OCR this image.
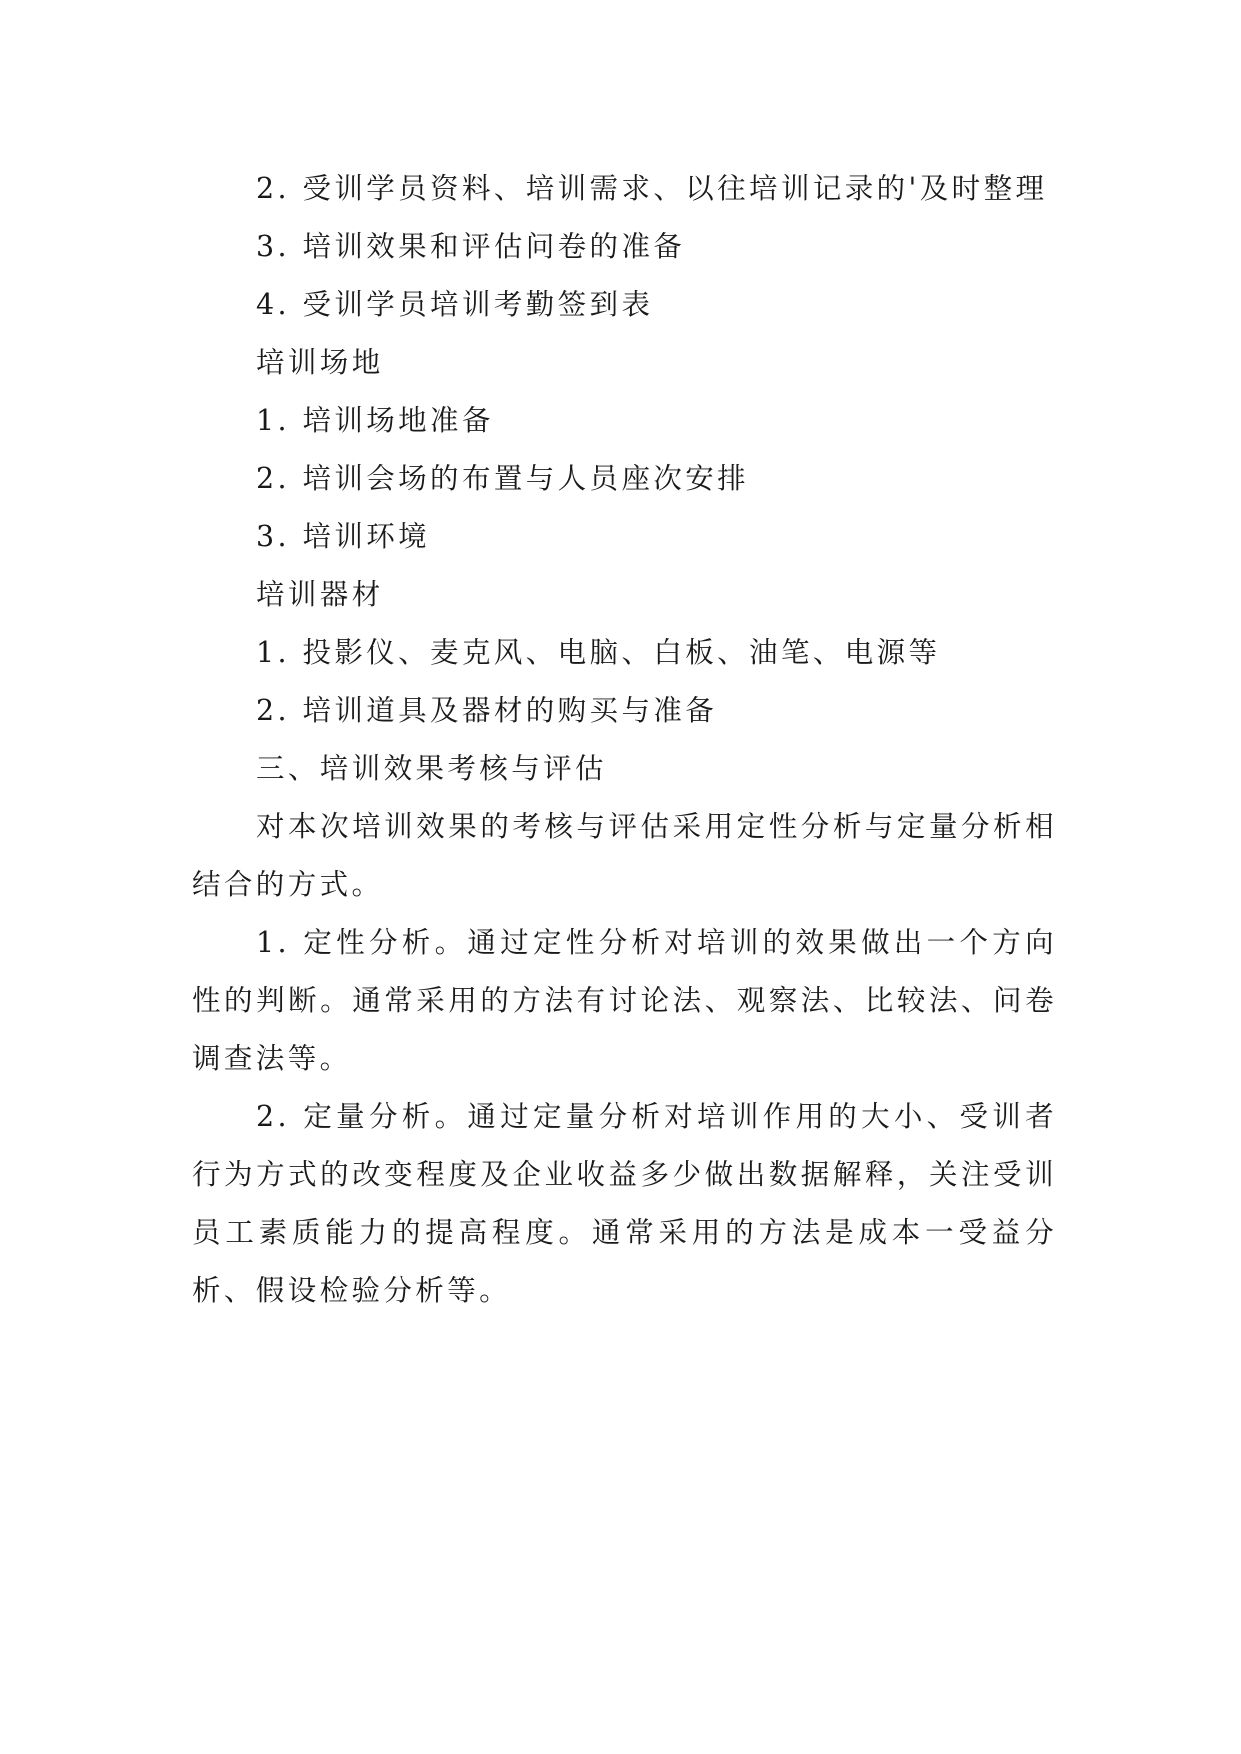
2. 受训学员资料、培训需求、以往培训记录的'及时整理

3. 培训效果和评估问卷的准备

4. 受训学员培训考勤签到表

培训场地

1. 培训场地准备

2. 培训会场的布置与人员座次安排

3. 培训环境

培训器材

1. 投影仪、麦克风、电脑、白板、油笔、电源等

2. 培训道具及器材的购买与准备

三、培训效果考核与评估

对本次培训效果的考核与评估采用定性分析与定量分析相结合的方式。

1. 定性分析。通过定性分析对培训的效果做出一个方向性的判断。通常采用的方法有讨论法、观察法、比较法、问卷调查法等。

2. 定量分析。通过定量分析对培训作用的大小、受训者行为方式的改变程度及企业收益多少做出数据解释，关注受训员工素质能力的提高程度。通常采用的方法是成本一受益分析、假设检验分析等。
